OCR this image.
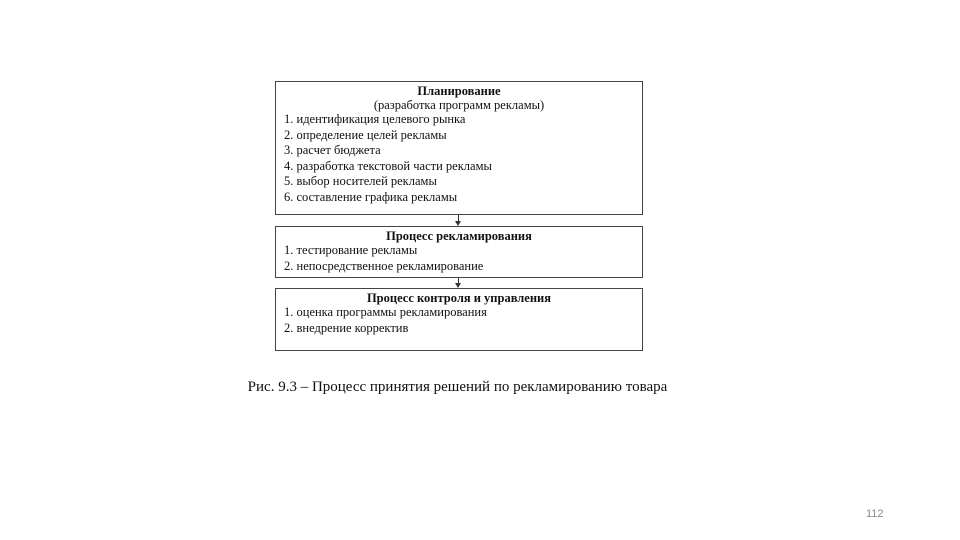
Планирование
(разработка программ рекламы)
1. идентификация целевого рынка
2. определение целей рекламы
3. расчет бюджета
4. разработка текстовой части рекламы
5. выбор носителей рекламы
6. составление графика рекламы
Процесс рекламирования
1. тестирование рекламы
2. непосредственное рекламирование
Процесс контроля и управления
1. оценка программы рекламирования
2. внедрение корректив
Рис. 9.3 – Процесс принятия решений по рекламированию товара
112
